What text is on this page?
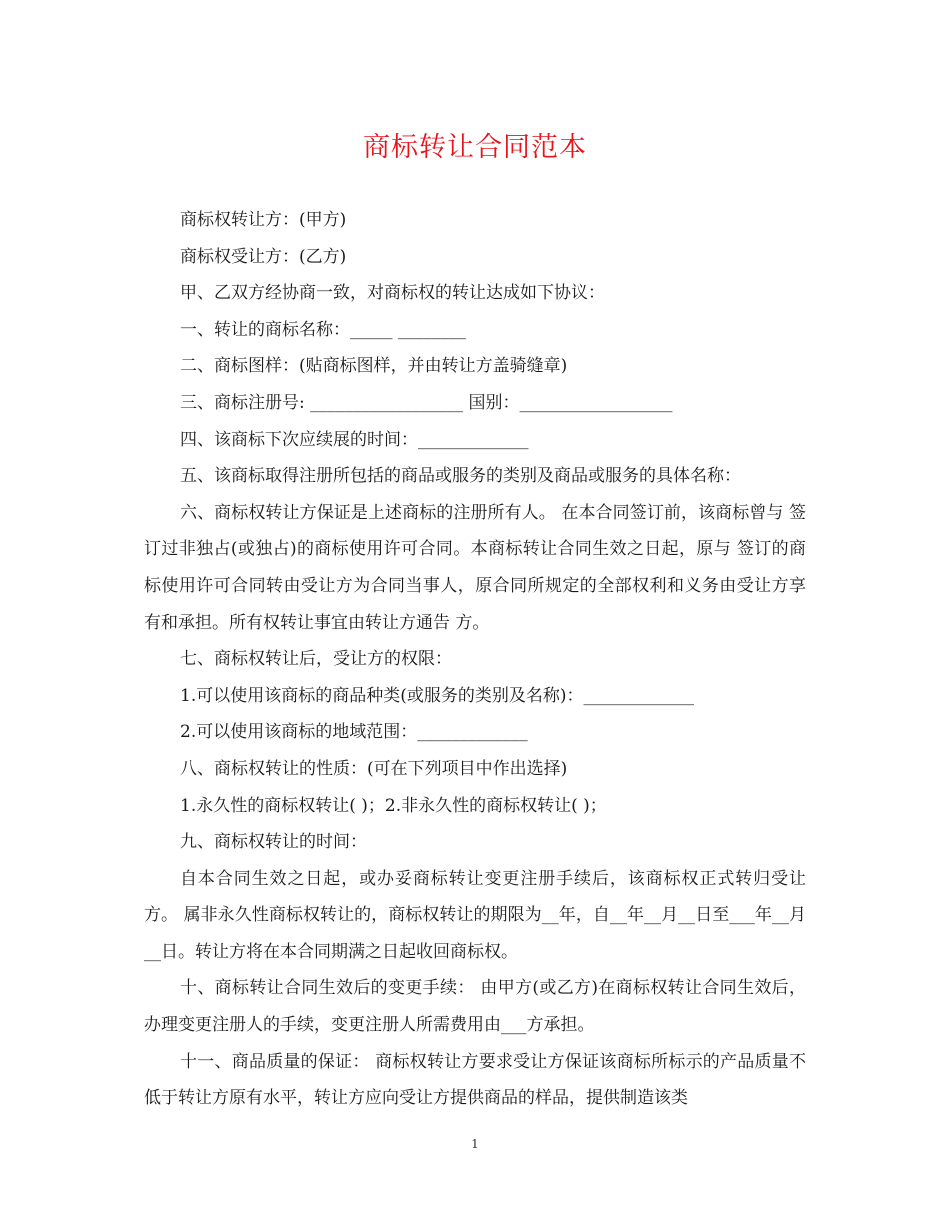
商标转让合同范本

商标权转让方：(甲方)

商标权受让方：(乙方)

甲、乙双方经协商一致，对商标权的转让达成如下协议：

一、转让的商标名称：_____ ________

二、商标图样：(贴商标图样，并由转让方盖骑缝章)

三、商标注册号: __________________ 国别：__________________

四、该商标下次应续展的时间：_____________

五、该商标取得注册所包括的商品或服务的类别及商品或服务的具体名称：

六、商标权转让方保证是上述商标的注册所有人。 在本合同签订前，该商标曾与 签订过非独占(或独占)的商标使用许可合同。本商标转让合同生效之日起，原与 签订的商标使用许可合同转由受让方为合同当事人，原合同所规定的全部权利和义务由受让方享有和承担。所有权转让事宜由转让方通告 方。

七、商标权转让后，受让方的权限：

1.可以使用该商标的商品种类(或服务的类别及名称)：_____________

2.可以使用该商标的地域范围：_____________

八、商标权转让的性质：(可在下列项目中作出选择)

1.永久性的商标权转让( )；2.非永久性的商标权转让( )；

九、商标权转让的时间：

自本合同生效之日起，或办妥商标转让变更注册手续后，该商标权正式转归受让方。 属非永久性商标权转让的，商标权转让的期限为__年，自__年__月__日至___年__月__日。转让方将在本合同期满之日起收回商标权。

十、商标转让合同生效后的变更手续： 由甲方(或乙方)在商标权转让合同生效后，办理变更注册人的手续，变更注册人所需费用由___方承担。

十一、商品质量的保证： 商标权转让方要求受让方保证该商标所标示的产品质量不低于转让方原有水平，转让方应向受让方提供商品的样品，提供制造该类

1
